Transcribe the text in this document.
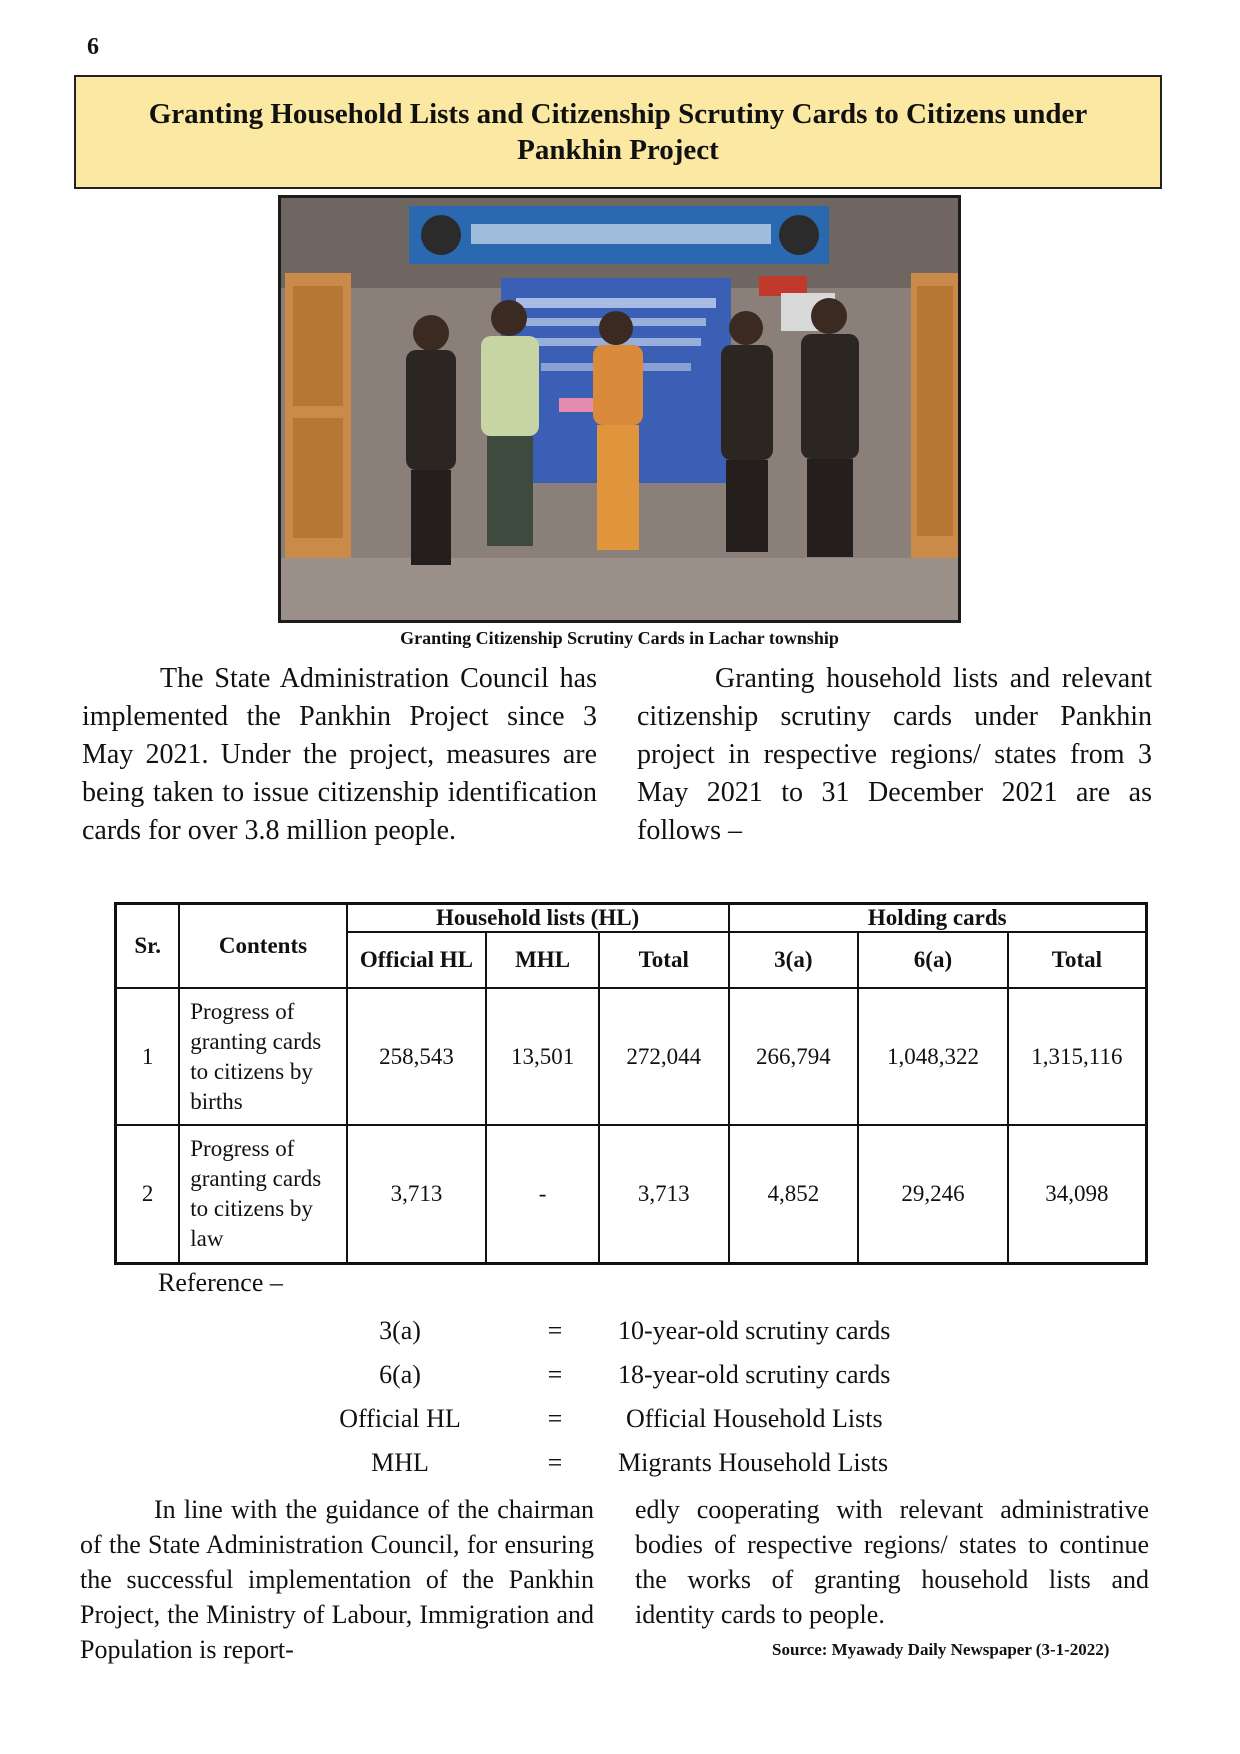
6
Granting Household Lists and Citizenship Scrutiny Cards to Citizens under
Pankhin Project
Granting Citizenship Scrutiny Cards in Lachar township

The State Administration Council has implemented the Pankhin Project since 3 May 2021. Under the project, measures are being taken to issue citizenship identification cards for over 3.8 million people.

Granting household lists and relevant citizenship scrutiny cards under Pankhin project in respective regions/ states from 3 May 2021 to 31 December 2021 are as follows –

Sr.	Contents	Household lists (HL)			Holding cards		
		Official HL	MHL	Total	3(a)	6(a)	Total
1	Progress of granting cards to citizens by births	258,543	13,501	272,044	266,794	1,048,322	1,315,116
2	Progress of granting cards to citizens by law	3,713	-	3,713	4,852	29,246	34,098
Reference –
3(a)	= 10-year-old scrutiny cards
6(a)	= 18-year-old scrutiny cards
Official HL	= Official Household Lists
MHL	= Migrants Household Lists

In line with the guidance of the chairman of the State Administration Council, for ensuring the successful implementation of the Pankhin Project, the Ministry of Labour, Immigration and Population is report-

edly cooperating with relevant administrative bodies of respective regions/ states to continue the works of granting household lists and identity cards to people.

Source: Myawady Daily Newspaper (3-1-2022)
